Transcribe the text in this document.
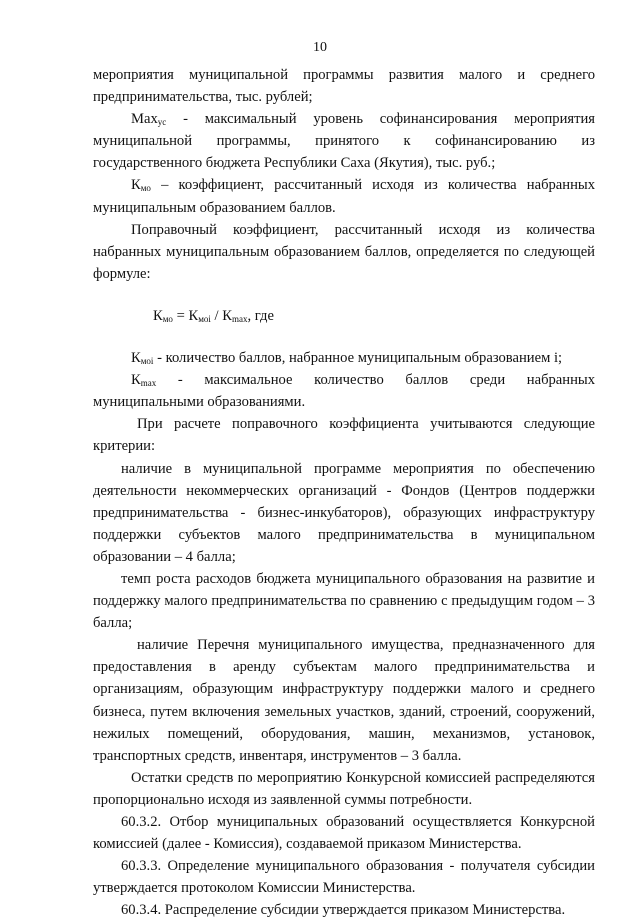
10

мероприятия муниципальной программы развития малого и среднего предпринимательства, тыс. рублей;

Max$_{ус}$ - максимальный уровень софинансирования мероприятия муниципальной программы, принятого к софинансированию из государственного бюджета Республики Саха (Якутия), тыс. руб.;

$К_{мо}$ – коэффициент, рассчитанный исходя из количества набранных муниципальным образованием баллов.

Поправочный коэффициент, рассчитанный исходя из количества набранных муниципальным образованием баллов, определяется по следующей формуле:

$К_{мо} = К_{моi} / К_{max}$, где

$К_{моi}$ - количество баллов, набранное муниципальным образованием i;

$К_{max}$ - максимальное количество баллов среди набранных муниципальными образованиями.

При расчете поправочного коэффициента учитываются следующие критерии:

наличие в муниципальной программе мероприятия по обеспечению деятельности некоммерческих организаций - Фондов (Центров поддержки предпринимательства - бизнес-инкубаторов), образующих инфраструктуру поддержки субъектов малого предпринимательства в муниципальном образовании – 4 балла;

темп роста расходов бюджета муниципального образования на развитие и поддержку малого предпринимательства по сравнению с предыдущим годом – 3 балла;

наличие Перечня муниципального имущества, предназначенного для предоставления в аренду субъектам малого предпринимательства и организациям, образующим инфраструктуру поддержки малого и среднего бизнеса, путем включения земельных участков, зданий, строений, сооружений, нежилых помещений, оборудования, машин, механизмов, установок, транспортных средств, инвентаря, инструментов – 3 балла.

Остатки средств по мероприятию Конкурсной комиссией распределяются пропорционально исходя из заявленной суммы потребности.

60.3.2. Отбор муниципальных образований осуществляется Конкурсной комиссией (далее - Комиссия), создаваемой приказом Министерства.

60.3.3. Определение муниципального образования - получателя субсидии утверждается протоколом Комиссии Министерства.

60.3.4. Распределение субсидии утверждается приказом Министерства.
